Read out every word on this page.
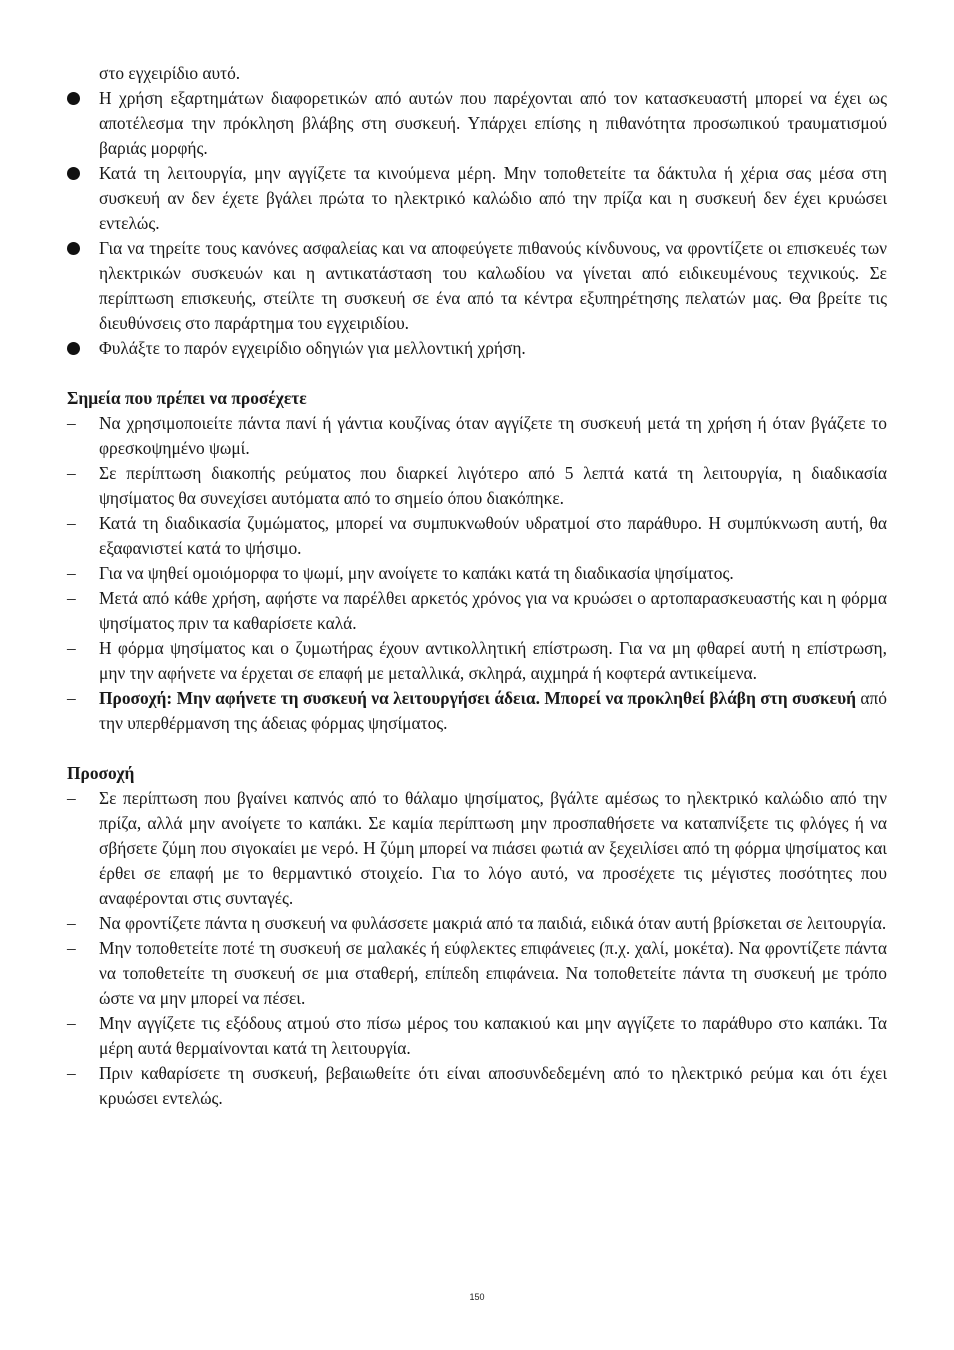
στο εγχειρίδιο αυτό.

Η χρήση εξαρτημάτων διαφορετικών από αυτών που παρέχονται από τον κατασκευαστή μπορεί να έχει ως αποτέλεσμα την πρόκληση βλάβης στη συσκευή. Υπάρχει επίσης η πιθανότητα προσωπικού τραυματισμού βαριάς μορφής.
Κατά τη λειτουργία, μην αγγίζετε τα κινούμενα μέρη. Μην τοποθετείτε τα δάκτυλα ή χέρια σας μέσα στη συσκευή αν δεν έχετε βγάλει πρώτα το ηλεκτρικό καλώδιο από την πρίζα και η συσκευή δεν έχει κρυώσει εντελώς.
Για να τηρείτε τους κανόνες ασφαλείας και να αποφεύγετε πιθανούς κίνδυνους, να φροντίζετε οι επισκευές των ηλεκτρικών συσκευών και η αντικατάσταση του καλωδίου να γίνεται από ειδικευμένους τεχνικούς. Σε περίπτωση επισκευής, στείλτε τη συσκευή σε ένα από τα κέντρα εξυπηρέτησης πελατών μας. Θα βρείτε τις διευθύνσεις στο παράρτημα του εγχειριδίου.
Φυλάξτε το παρόν εγχειρίδιο οδηγιών για μελλοντική χρήση.
Σημεία που πρέπει να προσέχετε
– Να χρησιμοποιείτε πάντα πανί ή γάντια κουζίνας όταν αγγίζετε τη συσκευή μετά τη χρήση ή όταν βγάζετε το φρεσκοψημένο ψωμί.
– Σε περίπτωση διακοπής ρεύματος που διαρκεί λιγότερο από 5 λεπτά κατά τη λειτουργία, η διαδικασία ψησίματος θα συνεχίσει αυτόματα από το σημείο όπου διακόπηκε.
– Κατά τη διαδικασία ζυμώματος, μπορεί να συμπυκνωθούν υδρατμοί στο παράθυρο. Η συμπύκνωση αυτή, θα εξαφανιστεί κατά το ψήσιμο.
– Για να ψηθεί ομοιόμορφα το ψωμί, μην ανοίγετε το καπάκι κατά τη διαδικασία ψησίματος.
– Μετά από κάθε χρήση, αφήστε να παρέλθει αρκετός χρόνος για να κρυώσει ο αρτοπαρασκευαστής και η φόρμα ψησίματος πριν τα καθαρίσετε καλά.
– Η φόρμα ψησίματος και ο ζυμωτήρας έχουν αντικολλητική επίστρωση. Για να μη φθαρεί αυτή η επίστρωση, μην την αφήνετε να έρχεται σε επαφή με μεταλλικά, σκληρά, αιχμηρά ή κοφτερά αντικείμενα.
– Προσοχή: Μην αφήνετε τη συσκευή να λειτουργήσει άδεια. Μπορεί να προκληθεί βλάβη στη συσκευή από την υπερθέρμανση της άδειας φόρμας ψησίματος.
Προσοχή
– Σε περίπτωση που βγαίνει καπνός από το θάλαμο ψησίματος, βγάλτε αμέσως το ηλεκτρικό καλώδιο από την πρίζα, αλλά μην ανοίγετε το καπάκι. Σε καμία περίπτωση μην προσπαθήσετε να καταπνίξετε τις φλόγες ή να σβήσετε ζύμη που σιγοκαίει με νερό. Η ζύμη μπορεί να πιάσει φωτιά αν ξεχειλίσει από τη φόρμα ψησίματος και έρθει σε επαφή με το θερμαντικό στοιχείο. Για το λόγο αυτό, να προσέχετε τις μέγιστες ποσότητες που αναφέρονται στις συνταγές.
– Να φροντίζετε πάντα η συσκευή να φυλάσσετε μακριά από τα παιδιά, ειδικά όταν αυτή βρίσκεται σε λειτουργία.
– Μην τοποθετείτε ποτέ τη συσκευή σε μαλακές ή εύφλεκτες επιφάνειες (π.χ. χαλί, μοκέτα). Να φροντίζετε πάντα να τοποθετείτε τη συσκευή σε μια σταθερή, επίπεδη επιφάνεια. Να τοποθετείτε πάντα τη συσκευή με τρόπο ώστε να μην μπορεί να πέσει.
– Μην αγγίζετε τις εξόδους ατμού στο πίσω μέρος του καπακιού και μην αγγίζετε το παράθυρο στο καπάκι. Τα μέρη αυτά θερμαίνονται κατά τη λειτουργία.
– Πριν καθαρίσετε τη συσκευή, βεβαιωθείτε ότι είναι αποσυνδεδεμένη από το ηλεκτρικό ρεύμα και ότι έχει κρυώσει εντελώς.
150
